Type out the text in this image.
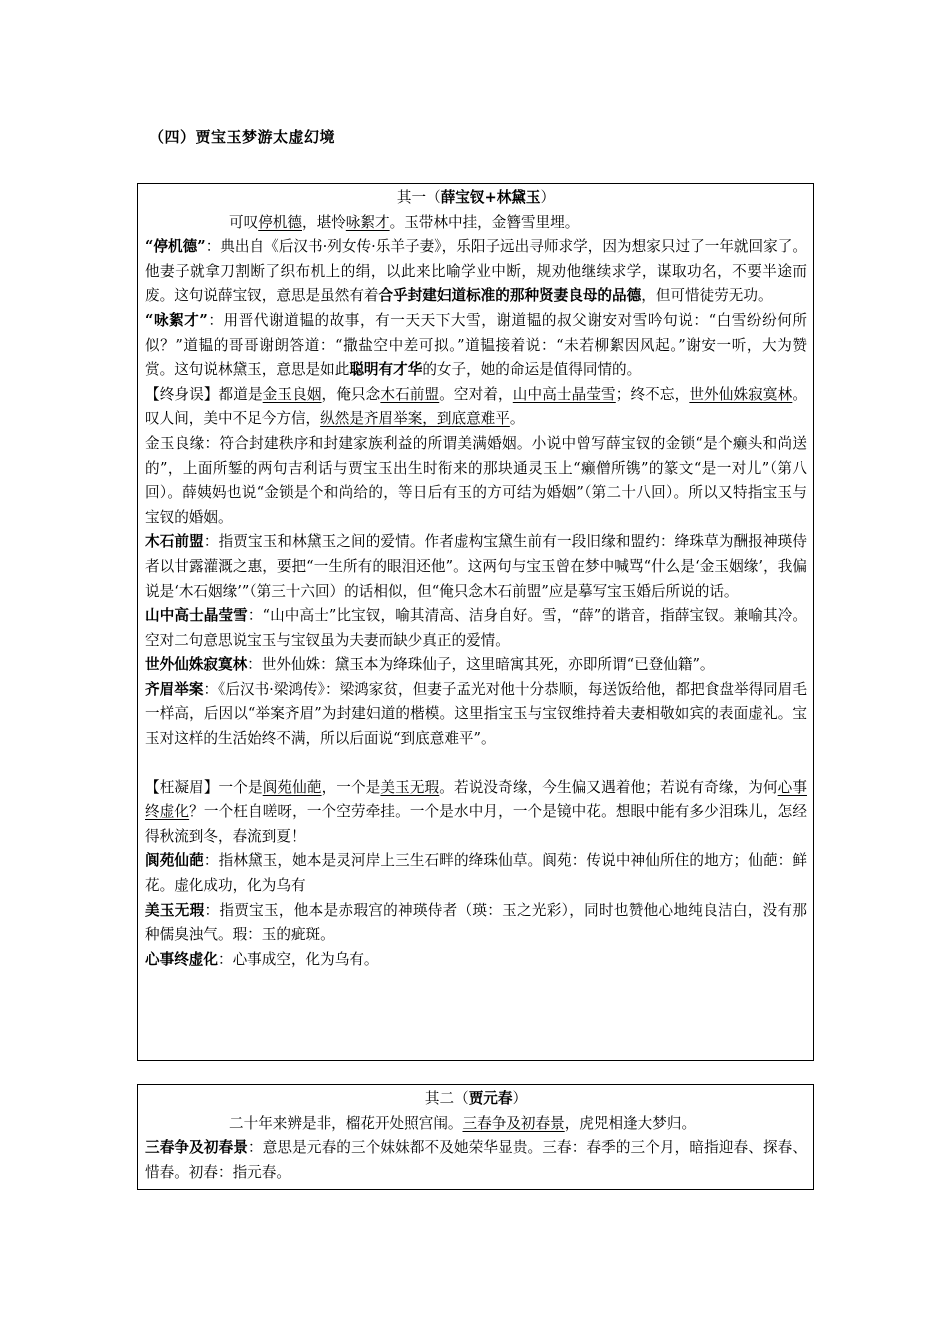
（四）贾宝玉梦游太虚幻境
其一（薛宝钗+林黛玉）

可叹停机德，堪怜咏絮才。玉带林中挂，金簪雪里埋。

“停机德”：典出自《后汉书·列女传·乐羊子妻》，乐阳子远出寻师求学，因为想家只过了一年就回家了。他妻子就拿刀割断了织布机上的绢，以此来比喻学业中断，规劝他继续求学，谋取功名，不要半途而废。这句说薛宝钗，意思是虽然有着合乎封建妇道标准的那种贤妻良母的品德，但可惜徒劳无功。

“咏絮才”：用晋代谢道韫的故事，有一天天下大雪，谢道韫的叔父谢安对雪吟句说：“白雪纷纷何所似？”道韫的哥哥谢朗答道：“撒盐空中差可拟。”道韫接着说：“未若柳絮因风起。”谢安一听，大为赞赏。这句说林黛玉，意思是如此聪明有才华的女子，她的命运是值得同情的。

【终身误】都道是金玉良姻，俺只念木石前盟。空对着，山中高士晶莹雪；终不忘，世外仙姝寂寞林。叹人间，美中不足今方信，纵然是齐眉举案，到底意难平。

金玉良缘：符合封建秩序和封建家族利益的所谓美满婚姻。小说中曾写薛宝钗的金锁“是个癞头和尚送的”，上面所錾的两句吉利话与贾宝玉出生时衔来的那块通灵玉上“癞僧所镌”的篆文“是一对儿”（第八回）。薛姨妈也说“金锁是个和尚给的，等日后有玉的方可结为婚姻”（第二十八回）。所以又特指宝玉与宝钗的婚姻。

木石前盟：指贾宝玉和林黛玉之间的爱情。作者虚构宝黛生前有一段旧缘和盟约：绛珠草为酬报神瑛侍者以甘露灌溉之惠，要把“一生所有的眼泪还他”。这两句与宝玉曾在梦中喊骂“什么是‘金玉姻缘’，我偏说是‘木石姻缘’”（第三十六回）的话相似，但“俺只念木石前盟”应是摹写宝玉婚后所说的话。

山中高士晶莹雪：“山中高士”比宝钗，喻其清高、洁身自好。雪，“薛”的谐音，指薛宝钗。兼喻其冷。空对二句意思说宝玉与宝钗虽为夫妻而缺少真正的爱情。

世外仙姝寂寞林：世外仙姝：黛玉本为绛珠仙子，这里暗寓其死，亦即所谓“已登仙籍”。

齐眉举案：《后汉书·梁鸿传》：梁鸿家贫，但妻子孟光对他十分恭顺，每送饭给他，都把食盘举得同眉毛一样高，后因以“举案齐眉”为封建妇道的楷模。这里指宝玉与宝钗维持着夫妻相敬如宾的表面虚礼。宝玉对这样的生活始终不满，所以后面说“到底意难平”。

【枉凝眉】一个是阆苑仙葩，一个是美玉无瑕。若说没奇缘，今生偏又遇着他；若说有奇缘，为何心事终虚化？一个枉自嗟呀，一个空劳牵挂。一个是水中月，一个是镜中花。想眼中能有多少泪珠儿，怎经得秋流到冬，春流到夏！

阆苑仙葩：指林黛玉，她本是灵河岸上三生石畔的绛珠仙草。阆苑：传说中神仙所住的地方；仙葩：鲜花。虚化成功，化为乌有

美玉无瑕：指贾宝玉，他本是赤瑕宫的神瑛侍者（瑛：玉之光彩），同时也赞他心地纯良洁白，没有那种儒臭浊气。瑕：玉的疵斑。

心事终虚化：心事成空，化为乌有。

其二（贾元春）

二十年来辨是非，榴花开处照宫闱。三春争及初春景，虎兕相逢大梦归。

三春争及初春景：意思是元春的三个妹妹都不及她荣华显贵。三春：春季的三个月，暗指迎春、探春、惜春。初春：指元春。
